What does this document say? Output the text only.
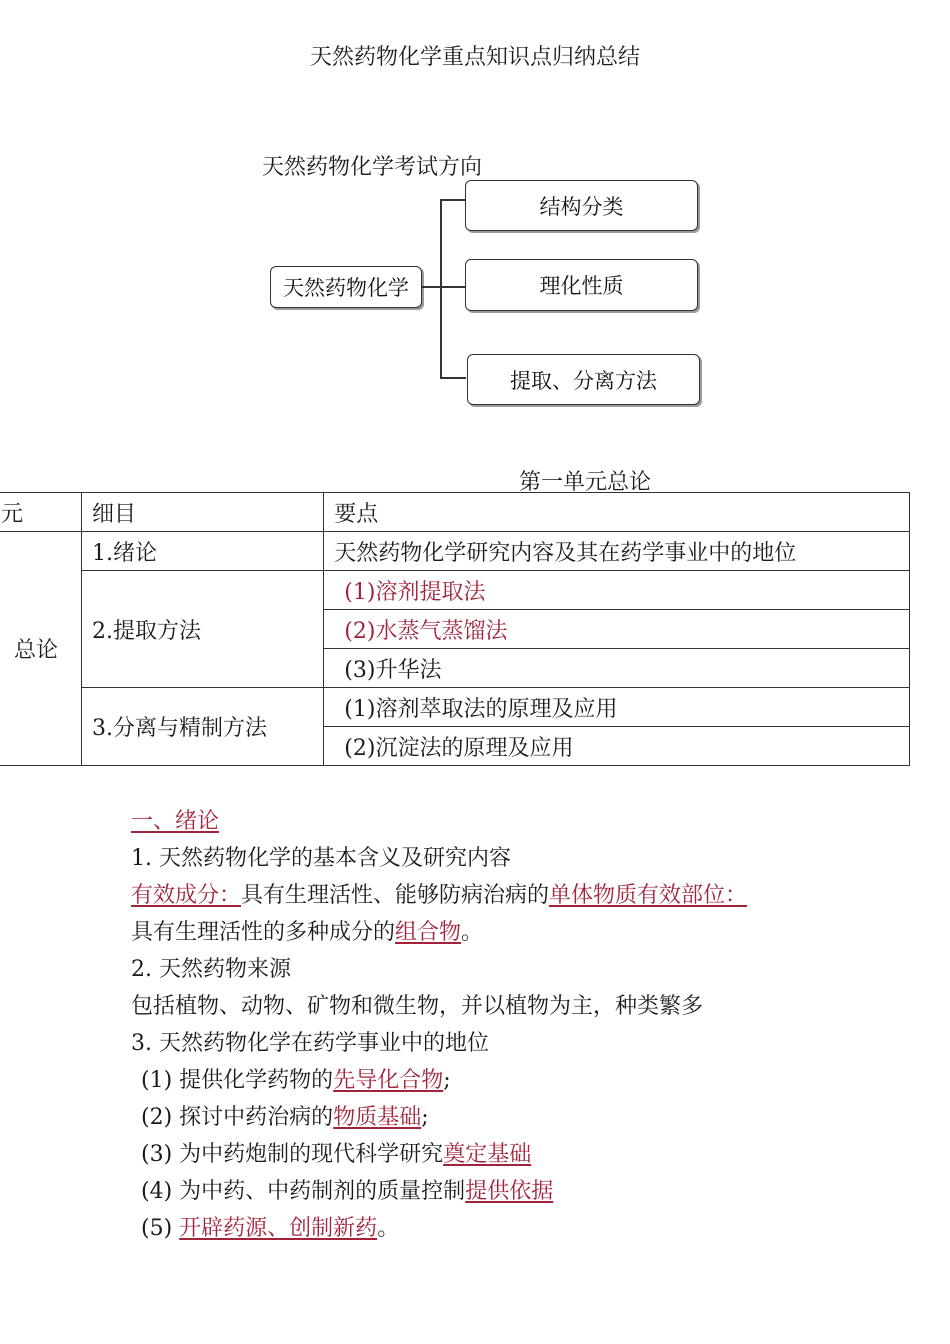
天然药物化学重点知识点归纳总结
天然药物化学考试方向
天然药物化学
结构分类
理化性质
提取、分离方法
第一单元总论
元	细目	要点
总论	1.绪论	天然药物化学研究内容及其在药学事业中的地位
	2.提取方法	(1)溶剂提取法
		(2)水蒸气蒸馏法
		(3)升华法
	3.分离与精制方法	(1)溶剂萃取法的原理及应用
		(2)沉淀法的原理及应用
一、绪论
1. 天然药物化学的基本含义及研究内容
有效成分：具有生理活性、能够防病治病的单体物质有效部位：
具有生理活性的多种成分的组合物。
2. 天然药物来源
包括植物、动物、矿物和微生物，并以植物为主，种类繁多
3. 天然药物化学在药学事业中的地位
(1) 提供化学药物的先导化合物;
(2) 探讨中药治病的物质基础;
(3) 为中药炮制的现代科学研究奠定基础
(4) 为中药、中药制剂的质量控制提供依据
(5) 开辟药源、创制新药。
